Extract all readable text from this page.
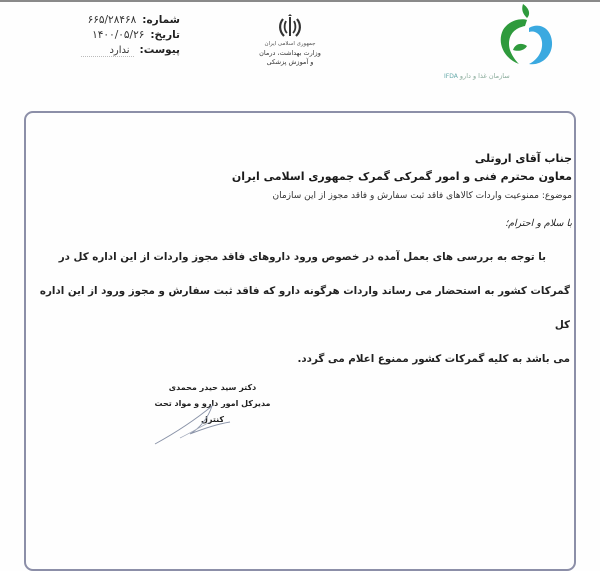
شماره:
۶۶۵/۲۸۴۶۸
تاریخ:
۱۴۰۰/۰۵/۲۶
پیوست:
ندارد
جمهوری اسلامی ایران
وزارت بهداشت، درمان
و آموزش پزشکی
سازمان غذا و دارو IFDA
جناب آقای اروتلی
معاون محترم فنی و امور گمرکی گمرک جمهوری اسلامی ایران
موضوع: ممنوعیت واردات کالاهای فاقد ثبت سفارش و فاقد مجوز از این سازمان
با سلام و احترام؛

با توجه به بررسی های بعمل آمده در خصوص ورود داروهای فاقد مجوز واردات از این اداره کل در

گمرکات کشور به استحضار می رساند واردات هرگونه دارو که فاقد ثبت سفارش و مجوز ورود از این اداره کل

می باشد به کلیه گمرکات کشور ممنوع اعلام می گردد.

دکتر سید حیدر محمدی
مدیرکل امور دارو و مواد تحت کنترل
